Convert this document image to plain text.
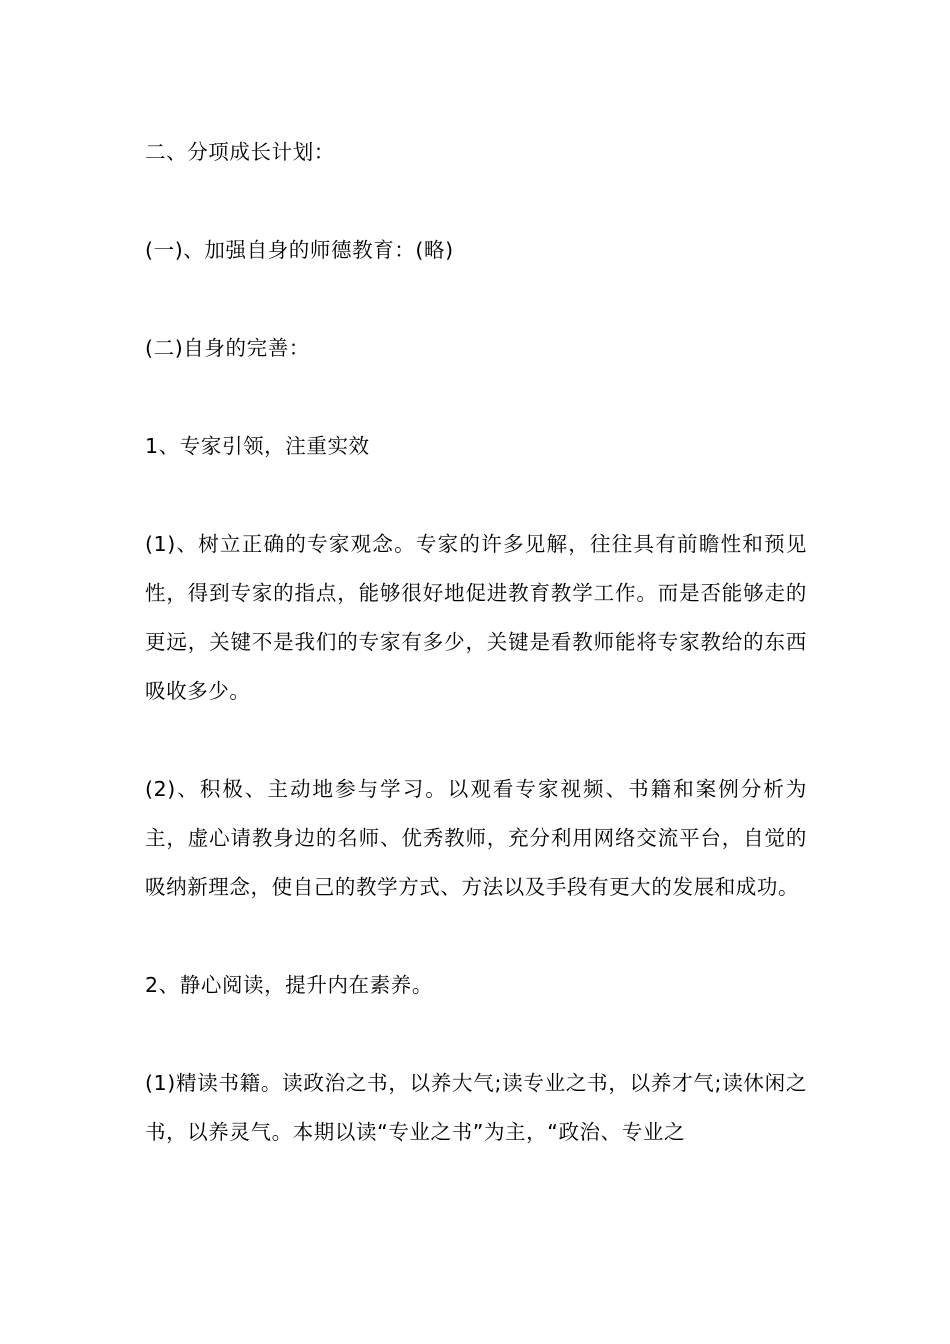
二、分项成长计划：

(一)、加强自身的师德教育：(略)

(二)自身的完善：

1、专家引领，注重实效

(1)、树立正确的专家观念。专家的许多见解，往往具有前瞻性和预见性，得到专家的指点，能够很好地促进教育教学工作。而是否能够走的更远，关键不是我们的专家有多少，关键是看教师能将专家教给的东西吸收多少。

(2)、积极、主动地参与学习。以观看专家视频、书籍和案例分析为主，虚心请教身边的名师、优秀教师，充分利用网络交流平台，自觉的吸纳新理念，使自己的教学方式、方法以及手段有更大的发展和成功。

2、静心阅读，提升内在素养。

(1)精读书籍。读政治之书，以养大气;读专业之书，以养才气;读休闲之书，以养灵气。本期以读“专业之书”为主，“政治、专业之
